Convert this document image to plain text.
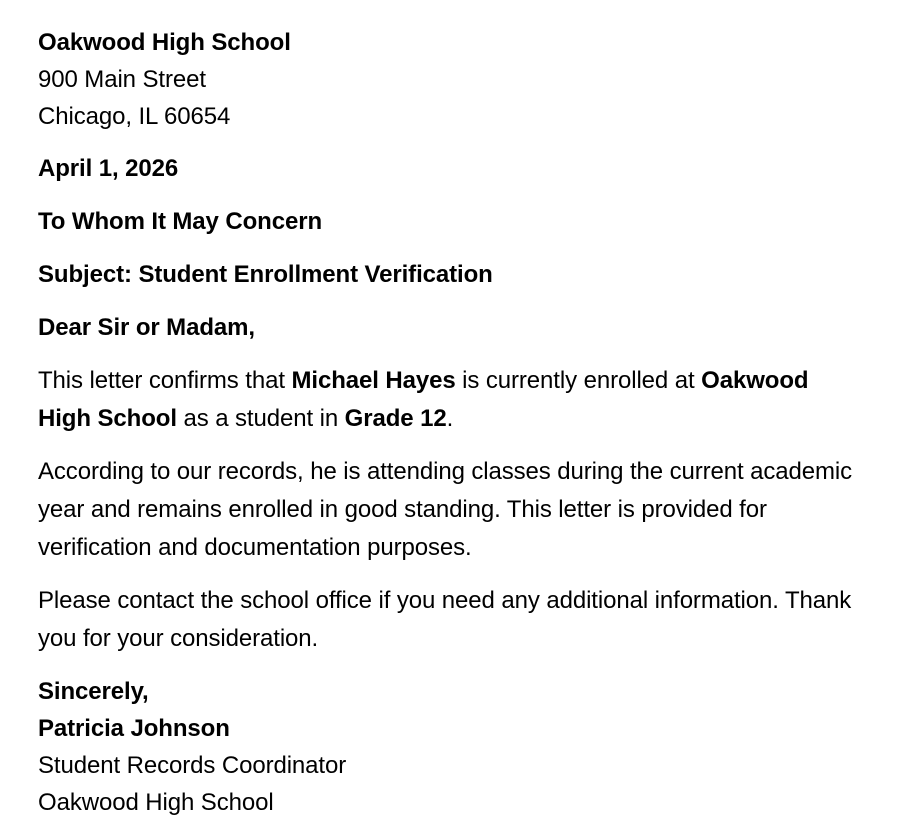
Oakwood High School
900 Main Street
Chicago, IL 60654

April 1, 2026

To Whom It May Concern

Subject: Student Enrollment Verification

Dear Sir or Madam,

This letter confirms that Michael Hayes is currently enrolled at Oakwood High School as a student in Grade 12.

According to our records, he is attending classes during the current academic year and remains enrolled in good standing. This letter is provided for verification and documentation purposes.

Please contact the school office if you need any additional information. Thank you for your consideration.

Sincerely,
Patricia Johnson
Student Records Coordinator
Oakwood High School
